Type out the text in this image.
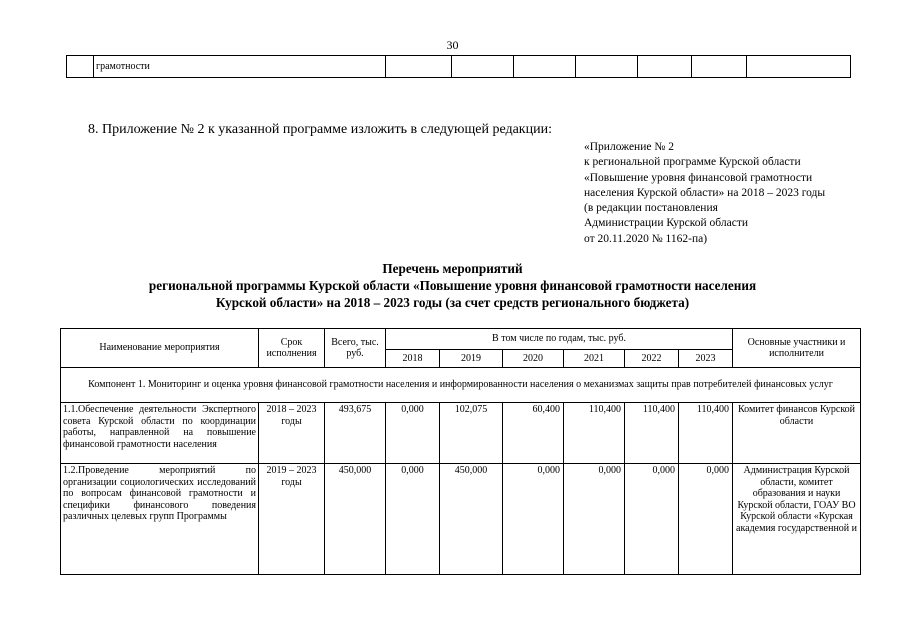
30
	грамотности							
8. Приложение № 2 к указанной программе изложить в следующей редакции:
«Приложение № 2
к региональной программе Курской области
«Повышение уровня финансовой грамотности
населения Курской области» на 2018 – 2023 годы
(в редакции постановления
Администрации Курской области
от 20.11.2020 № 1162-па)
Перечень мероприятий
региональной программы Курской области «Повышение уровня финансовой грамотности населения
Курской области» на 2018 – 2023 годы (за счет средств регионального бюджета)
Наименование мероприятия	Срок исполнения	Всего, тыс. руб.	В том числе по годам, тыс. руб.						Основные участники и исполнители
			2018	2019	2020	2021	2022	2023	
Компонент 1. Мониторинг и оценка уровня финансовой грамотности населения и информированности населения о механизмах защиты прав потребителей финансовых услуг									
1.1.Обеспечение деятельности Экспертного совета Курской области по координации работы, направленной на повышение финансовой грамотности населения	2018 – 2023 годы	493,675	0,000	102,075	60,400	110,400	110,400	110,400	Комитет финансов Курской области
1.2.Проведение мероприятий по организации социологических исследований по вопросам финансовой грамотности и специфики финансового поведения различных целевых групп Программы	2019 – 2023 годы	450,000	0,000	450,000	0,000	0,000	0,000	0,000	Администрация Курской области, комитет образования и науки Курской области, ГОАУ ВО Курской области «Курская академия государственной и
